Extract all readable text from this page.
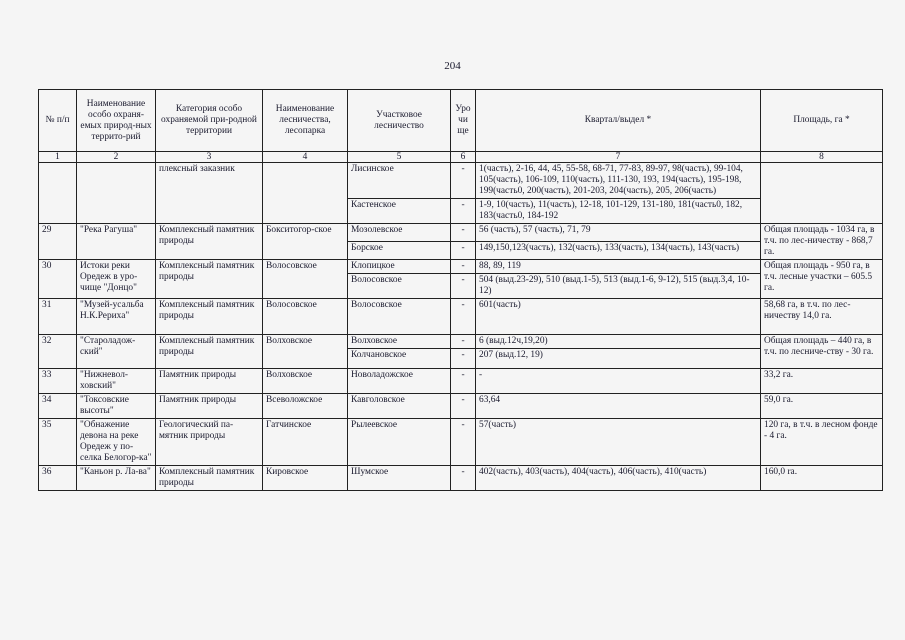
204
№ п/п	Наименование особо охраня-емых природ-ных террито-рий	Категория особо охраняемой при-родной территории	Наименование лесничества, лесопарка	Участковое лесничество	Уро чи ще	Квартал/выдел *	Площадь, га *
1	2	3	4	5	6	7	8
		плексный заказник		Лисинское	-	1(часть), 2-16, 44, 45, 55-58, 68-71, 77-83, 89-97, 98(часть), 99-104, 105(часть), 106-109, 110(часть), 111-130, 193, 194(часть), 195-198, 199(часть0, 200(часть), 201-203, 204(часть), 205, 206(часть)	
				Кастенское	-	1-9, 10(часть), 11(часть), 12-18, 101-129, 131-180, 181(часть0, 182, 183(часть0, 184-192	
29	"Река Рагуша"	Комплексный памятник природы	Бокситогор-ское	Мозолевское	-	56 (часть), 57 (часть), 71, 79	Общая площадь - 1034 га, в т.ч. по лес-ничеству - 868,7 га.
				Борское	-	149,150,123(часть), 132(часть), 133(часть), 134(часть), 143(часть)	
30	Истоки реки Оредеж в уро-чище "Донцо"	Комплексный памятник природы	Волосовское	Клопицкое	-	88, 89, 119	Общая площадь - 950 га, в т.ч. лесные участки – 605.5 га.
				Волосовское	-	504 (выд.23-29), 510 (выд.1-5), 513 (выд.1-6, 9-12), 515 (выд.3,4, 10-12)	
31	"Музей-усальба Н.К.Рериха"	Комплексный памятник природы	Волосовское	Волосовское	-	601(часть)	58,68 га, в т.ч. по лес-ничеству 14,0 га.
32	"Староладож-ский"	Комплексный памятник природы	Волховское	Волховское	-	6 (выд.12ч,19,20)	Общая площадь – 440 га, в т.ч. по лесниче-ству - 30 га.
				Колчановское	-	207 (выд.12, 19)	
33	"Нижневол-ховский"	Памятник природы	Волховское	Новоладожское	-	-	33,2 га.
34	"Токсовские высоты"	Памятник природы	Всеволожское	Кавголовское	-	63,64	59,0 га.
35	"Обнажение девона на реке Оредеж у по-селка Белогор-ка"	Геологический па-мятник природы	Гатчинское	Рылеевское	-	57(часть)	120 га, в т.ч. в лесном фонде - 4 га.
36	"Каньон р. Ла-ва"	Комплексный памятник природы	Кировское	Шумское	-	402(часть), 403(часть), 404(часть), 406(часть), 410(часть)	160,0 ra.
